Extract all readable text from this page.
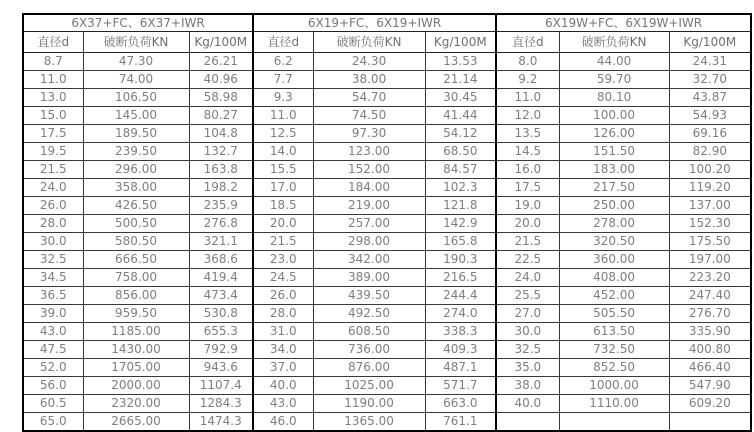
6X37+FC、6X37+IWR			6X19+FC、6X19+IWR			6X19W+FC、6X19W+IWR		
直径d	破断负荷KN	Kg/100M	直径d	破断负荷KN	Kg/100M	直径d	破断负荷KN	Kg/100M
8.7	47.30	26.21	6.2	24.30	13.53	8.0	44.00	24.31
11.0	74.00	40.96	7.7	38.00	21.14	9.2	59.70	32.70
13.0	106.50	58.98	9.3	54.70	30.45	11.0	80.10	43.87
15.0	145.00	80.27	11.0	74.50	41.44	12.0	100.00	54.93
17.5	189.50	104.8	12.5	97.30	54.12	13.5	126.00	69.16
19.5	239.50	132.7	14.0	123.00	68.50	14.5	151.50	82.90
21.5	296.00	163.8	15.5	152.00	84.57	16.0	183.00	100.20
24.0	358.00	198.2	17.0	184.00	102.3	17.5	217.50	119.20
26.0	426.50	235.9	18.5	219.00	121.8	19.0	250.00	137.00
28.0	500.50	276.8	20.0	257.00	142.9	20.0	278.00	152.30
30.0	580.50	321.1	21.5	298.00	165.8	21.5	320.50	175.50
32.5	666.50	368.6	23.0	342.00	190.3	22.5	360.00	197.00
34.5	758.00	419.4	24.5	389.00	216.5	24.0	408.00	223.20
36.5	856.00	473.4	26.0	439.50	244.4	25.5	452.00	247.40
39.0	959.50	530.8	28.0	492.50	274.0	27.0	505.50	276.70
43.0	1185.00	655.3	31.0	608.50	338.3	30.0	613.50	335.90
47.5	1430.00	792.9	34.0	736.00	409.3	32.5	732.50	400.80
52.0	1705.00	943.6	37.0	876.00	487.1	35.0	852.50	466.40
56.0	2000.00	1107.4	40.0	1025.00	571.7	38.0	1000.00	547.90
60.5	2320.00	1284.3	43.0	1190.00	663.0	40.0	1110.00	609.20
65.0	2665.00	1474.3	46.0	1365.00	761.1			
